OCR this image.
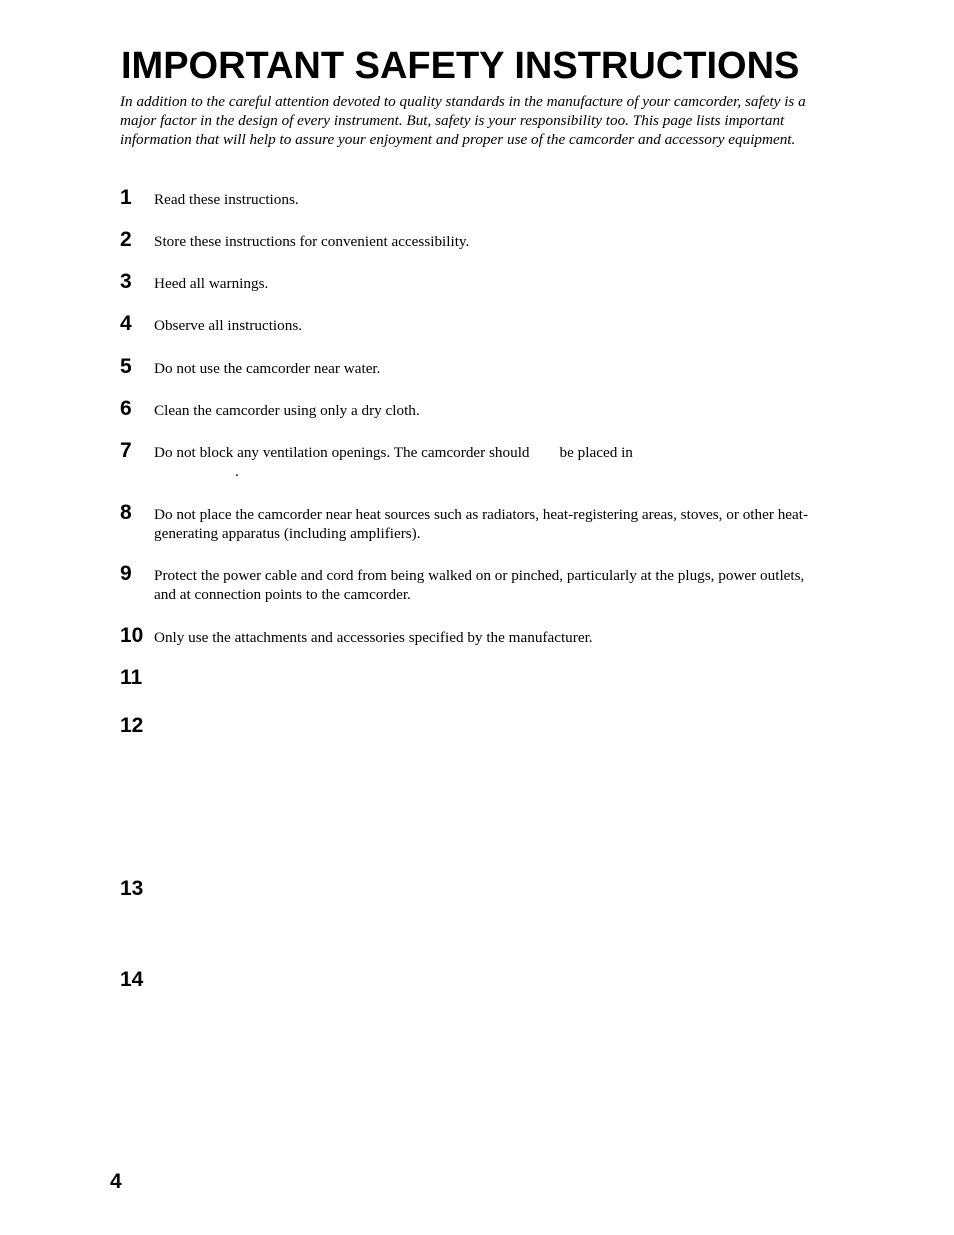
IMPORTANT SAFETY INSTRUCTIONS

In addition to the careful attention devoted to quality standards in the manufacture of your camcorder, safety is a major factor in the design of every instrument. But, safety is your responsibility too. This page lists important information that will help to assure your enjoyment and proper use of the camcorder and accessory equipment.

1 Read these instructions.
2 Store these instructions for convenient accessibility.
3 Heed all warnings.
4 Observe all instructions.
5 Do not use the camcorder near water.
6 Clean the camcorder using only a dry cloth.
7 Do not block any ventilation openings. The camcorder should be placed in
.
8 Do not place the camcorder near heat sources such as radiators, heat-registering areas, stoves, or other heat-generating apparatus (including amplifiers).
9 Protect the power cable and cord from being walked on or pinched, particularly at the plugs, power outlets, and at connection points to the camcorder.
10 Only use the attachments and accessories specified by the manufacturer.
11
12
13
14
4
